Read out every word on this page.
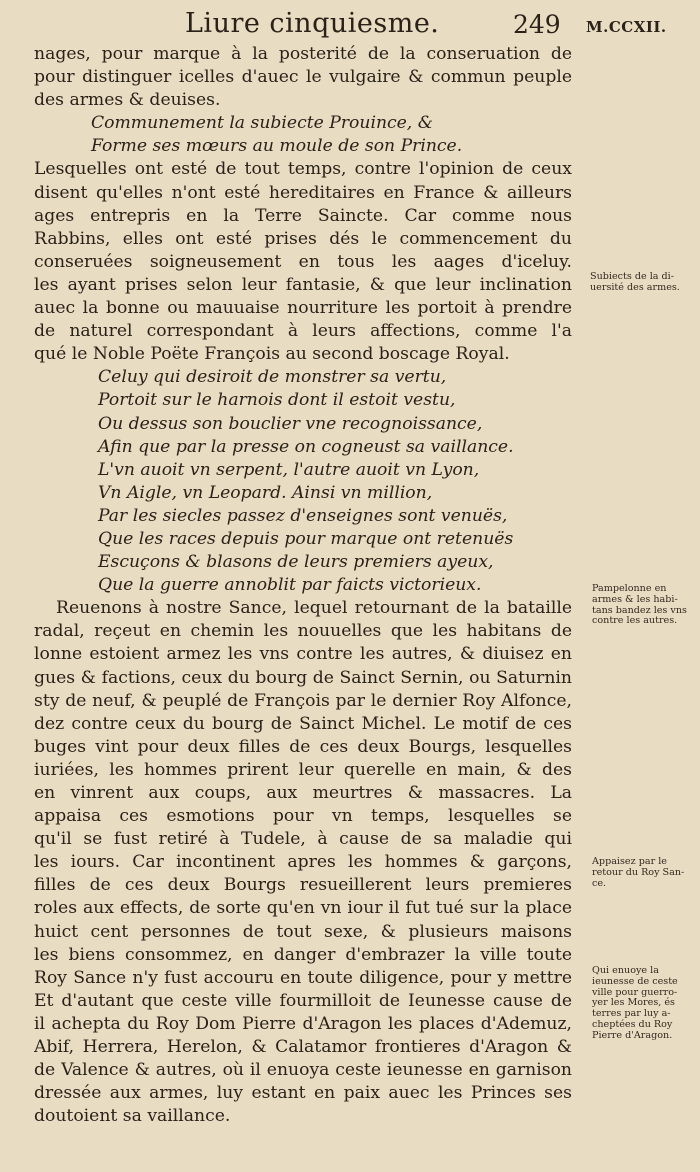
Liure cinquiesme.	249 M.CCXII.
nages, pour marque à la posterité de la conseruation de
pour distinguer icelles d'auec le vulgaire & commun peuple
des armes & deuises.
Communement la subiecte Prouince, &
Forme ses mœurs au moule de son Prince.
Lesquelles ont esté de tout temps, contre l'opinion de ceux
disent qu'elles n'ont esté hereditaires en France & ailleurs
ages entrepris en la Terre Saincte. Car comme nous
Rabbins, elles ont esté prises dés le commencement du
conseruées soigneusement en tous les aages d'iceluy.
les ayant prises selon leur fantasie, & que leur inclination
auec la bonne ou mauuaise nourriture les portoit à prendre
de naturel correspondant à leurs affections, comme l'a
qué le Noble Poëte François au second boscage Royal.
Celuy qui desiroit de monstrer sa vertu,
Portoit sur le harnois dont il estoit vestu,
Ou dessus son bouclier vne recognoissance,
Afin que par la presse on cogneust sa vaillance.
L'vn auoit vn serpent, l'autre auoit vn Lyon,
Vn Aigle, vn Leopard. Ainsi vn million,
Par les siecles passez d'enseignes sont venuës,
Que les races depuis pour marque ont retenuës
Escuçons & blasons de leurs premiers ayeux,
Que la guerre annoblit par faicts victorieux.
Reuenons à nostre Sance, lequel retournant de la bataille
radal, reçeut en chemin les nouuelles que les habitans de
lonne estoient armez les vns contre les autres, & diuisez en
gues & factions, ceux du bourg de Sainct Sernin, ou Saturnin
sty de neuf, & peuplé de François par le dernier Roy Alfonce,
dez contre ceux du bourg de Sainct Michel. Le motif de ces
buges vint pour deux filles de ces deux Bourgs, lesquelles
iuriées, les hommes prirent leur querelle en main, & des
en vinrent aux coups, aux meurtres & massacres. La
appaisa ces esmotions pour vn temps, lesquelles se
qu'il se fust retiré à Tudele, à cause de sa maladie qui
les iours. Car incontinent apres les hommes & garçons,
filles de ces deux Bourgs resueillerent leurs premieres
roles aux effects, de sorte qu'en vn iour il fut tué sur la place
huict cent personnes de tout sexe, & plusieurs maisons
les biens consommez, en danger d'embrazer la ville toute
Roy Sance n'y fust accouru en toute diligence, pour y mettre
Et d'autant que ceste ville fourmilloit de Ieunesse cause de
il achepta du Roy Dom Pierre d'Aragon les places d'Ademuz,
Abif, Herrera, Herelon, & Calatamor frontieres d'Aragon &
de Valence & autres, où il enuoya ceste ieunesse en garnison
dressée aux armes, luy estant en paix auec les Princes ses
doutoient sa vaillance.
Subiects de la di-
uersité des armes.
Pampelonne en
armes & les habi-
tans bandez les vns
contre les autres.
Appaisez par le
retour du Roy San-
ce.
Qui enuoye la
ieunesse de ceste
ville pour guerro-
yer les Mores, és
terres par luy a-
cheptées du Roy
Pierre d'Aragon.
